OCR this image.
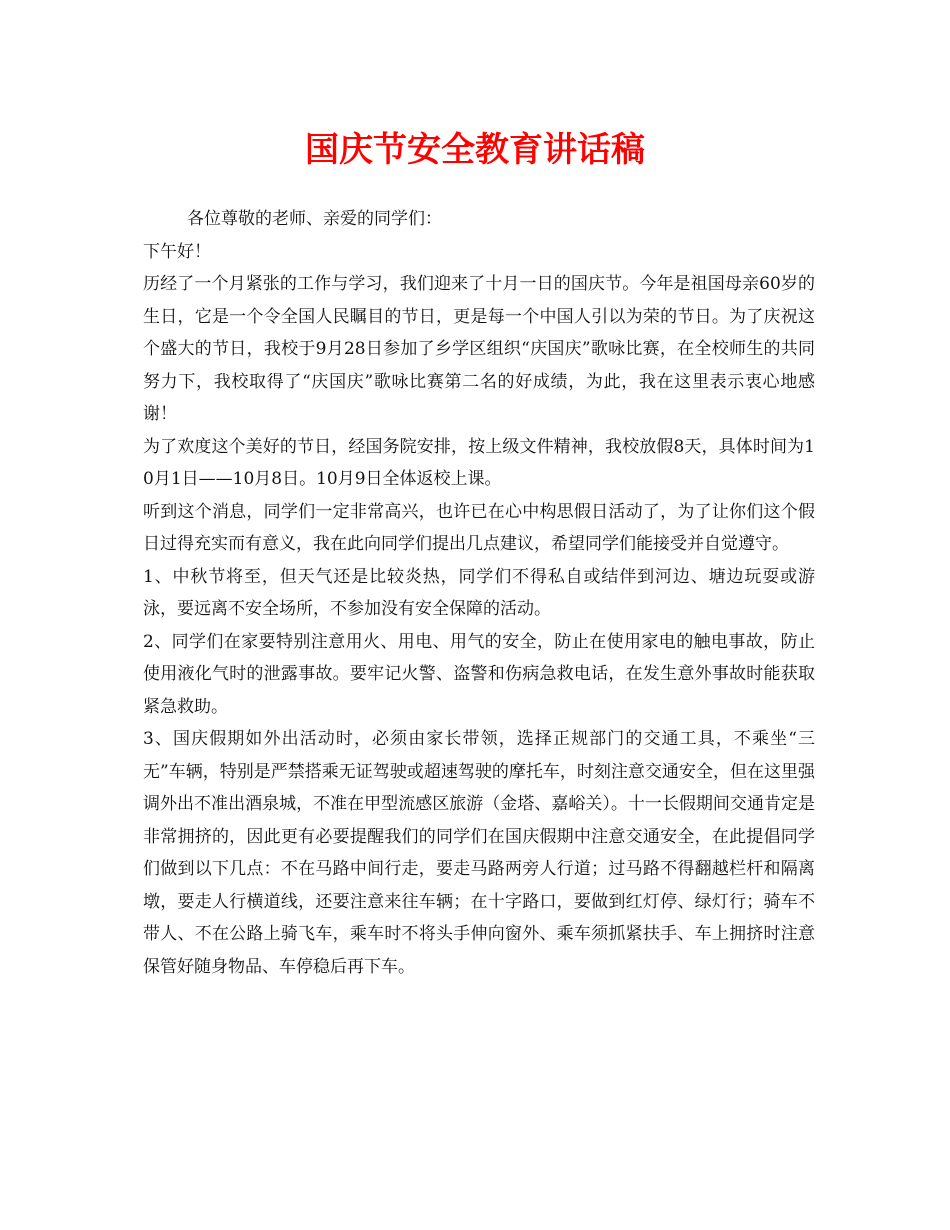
国庆节安全教育讲话稿

各位尊敬的老师、亲爱的同学们：

下午好！

历经了一个月紧张的工作与学习，我们迎来了十月一日的国庆节。今年是祖国母亲60岁的生日，它是一个令全国人民瞩目的节日，更是每一个中国人引以为荣的节日。为了庆祝这个盛大的节日，我校于9月28日参加了乡学区组织“庆国庆”歌咏比赛，在全校师生的共同努力下，我校取得了“庆国庆”歌咏比赛第二名的好成绩，为此，我在这里表示衷心地感谢！

为了欢度这个美好的节日，经国务院安排，按上级文件精神，我校放假8天，具体时间为10月1日——10月8日。10月9日全体返校上课。

听到这个消息，同学们一定非常高兴，也许已在心中构思假日活动了，为了让你们这个假日过得充实而有意义，我在此向同学们提出几点建议，希望同学们能接受并自觉遵守。

1、中秋节将至，但天气还是比较炎热，同学们不得私自或结伴到河边、塘边玩耍或游泳，要远离不安全场所，不参加没有安全保障的活动。

2、同学们在家要特别注意用火、用电、用气的安全，防止在使用家电的触电事故，防止使用液化气时的泄露事故。要牢记火警、盗警和伤病急救电话，在发生意外事故时能获取紧急救助。

3、国庆假期如外出活动时，必须由家长带领，选择正规部门的交通工具，不乘坐“三无”车辆，特别是严禁搭乘无证驾驶或超速驾驶的摩托车，时刻注意交通安全，但在这里强调外出不准出酒泉城，不准在甲型流感区旅游（金塔、嘉峪关）。十一长假期间交通肯定是非常拥挤的，因此更有必要提醒我们的同学们在国庆假期中注意交通安全，在此提倡同学们做到以下几点：不在马路中间行走，要走马路两旁人行道；过马路不得翻越栏杆和隔离墩，要走人行横道线，还要注意来往车辆；在十字路口，要做到红灯停、绿灯行；骑车不带人、不在公路上骑飞车，乘车时不将头手伸向窗外、乘车须抓紧扶手、车上拥挤时注意保管好随身物品、车停稳后再下车。
